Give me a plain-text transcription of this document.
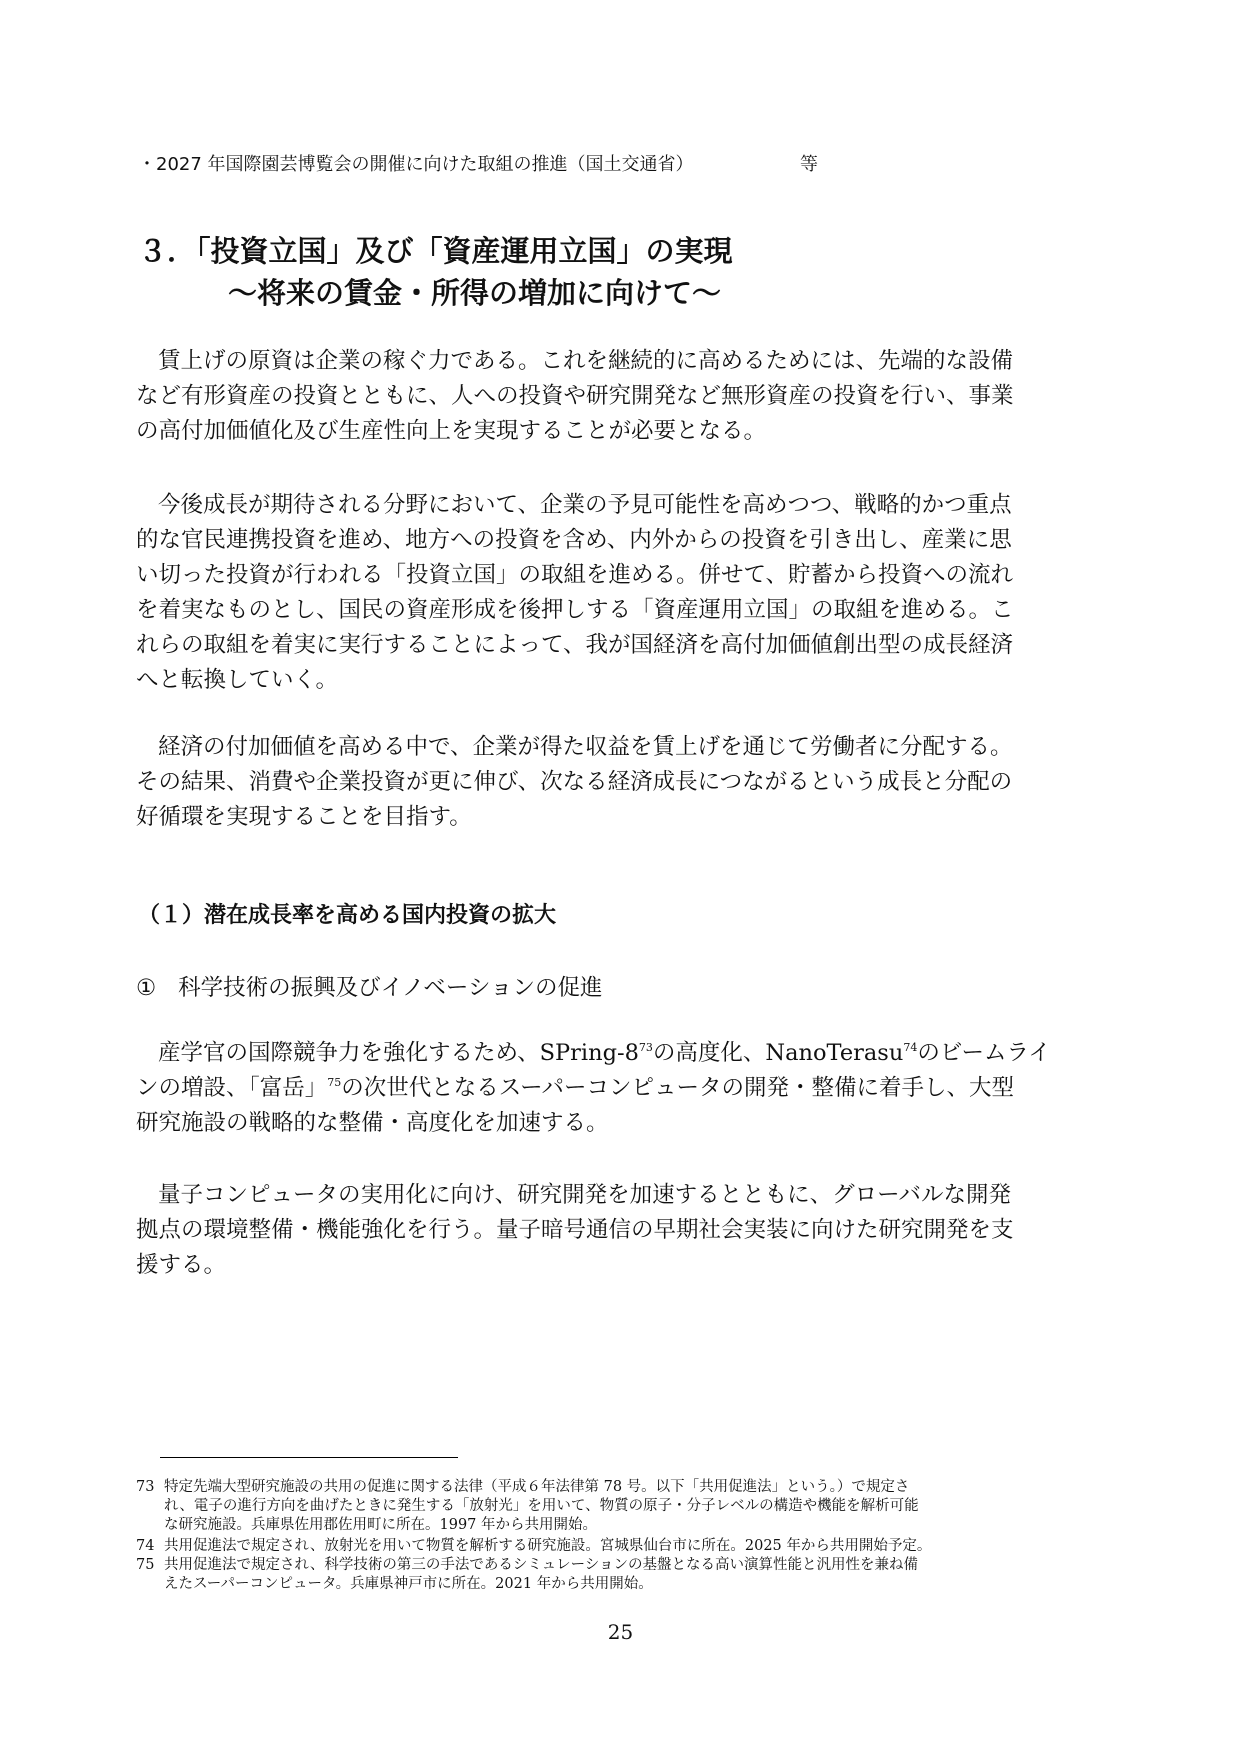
・2027 年国際園芸博覧会の開催に向けた取組の推進（国土交通省）	等
３．「投資立国」及び「資産運用立国」の実現
～将来の賃金・所得の増加に向けて～
賃上げの原資は企業の稼ぐ力である。これを継続的に高めるためには、先端的な設備
など有形資産の投資とともに、人への投資や研究開発など無形資産の投資を行い、事業
の高付加価値化及び生産性向上を実現することが必要となる。
今後成長が期待される分野において、企業の予見可能性を高めつつ、戦略的かつ重点
的な官民連携投資を進め、地方への投資を含め、内外からの投資を引き出し、産業に思
い切った投資が行われる「投資立国」の取組を進める。併せて、貯蓄から投資への流れ
を着実なものとし、国民の資産形成を後押しする「資産運用立国」の取組を進める。こ
れらの取組を着実に実行することによって、我が国経済を高付加価値創出型の成長経済
へと転換していく。
経済の付加価値を高める中で、企業が得た収益を賃上げを通じて労働者に分配する。
その結果、消費や企業投資が更に伸び、次なる経済成長につながるという成長と分配の
好循環を実現することを目指す。
（１）潜在成長率を高める国内投資の拡大
① 科学技術の振興及びイノベーションの促進
産学官の国際競争力を強化するため、SPring-$8^{73}$の高度化、NanoTerasu$^{74}$のビームライ
ンの増設、「富岳」$^{75}$の次世代となるスーパーコンピュータの開発・整備に着手し、大型
研究施設の戦略的な整備・高度化を加速する。
量子コンピュータの実用化に向け、研究開発を加速するとともに、グローバルな開発
拠点の環境整備・機能強化を行う。量子暗号通信の早期社会実装に向けた研究開発を支
援する。
73 特定先端大型研究施設の共用の促進に関する法律（平成６年法律第 78 号。以下「共用促進法」という。）で規定さ
れ、電子の進行方向を曲げたときに発生する「放射光」を用いて、物質の原子・分子レベルの構造や機能を解析可能
な研究施設。兵庫県佐用郡佐用町に所在。1997 年から共用開始。
74 共用促進法で規定され、放射光を用いて物質を解析する研究施設。宮城県仙台市に所在。2025 年から共用開始予定。
75 共用促進法で規定され、科学技術の第三の手法であるシミュレーションの基盤となる高い演算性能と汎用性を兼ね備
えたスーパーコンピュータ。兵庫県神戸市に所在。2021 年から共用開始。
25
